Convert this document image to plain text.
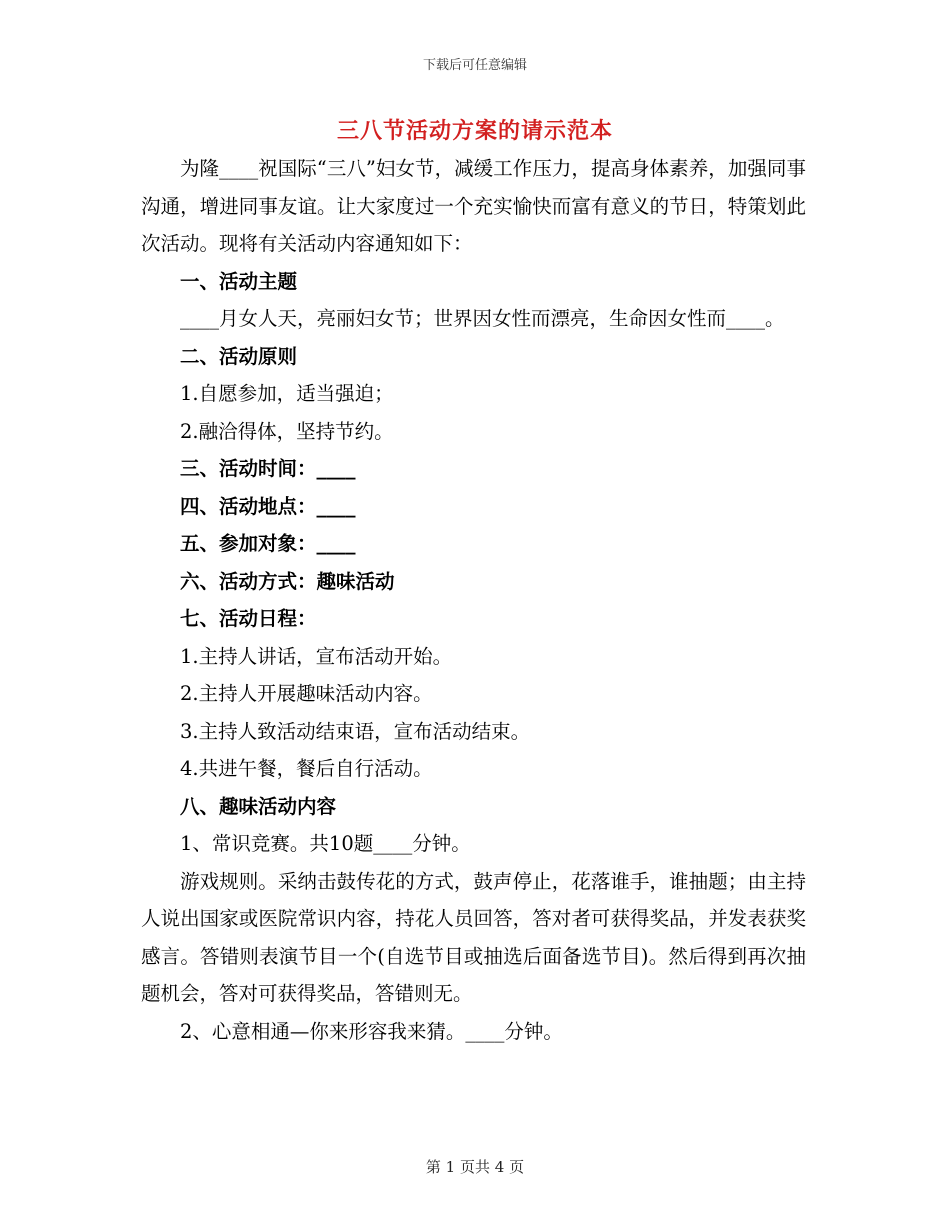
下载后可任意编辑
三八节活动方案的请示范本

为隆____祝国际“三八”妇女节，减缓工作压力，提高身体素养，加强同事沟通，增进同事友谊。让大家度过一个充实愉快而富有意义的节日，特策划此次活动。现将有关活动内容通知如下：

一、活动主题

____月女人天，亮丽妇女节；世界因女性而漂亮，生命因女性而____。

二、活动原则

1.自愿参加，适当强迫；

2.融洽得体，坚持节约。

三、活动时间：____

四、活动地点：____

五、参加对象：____

六、活动方式：趣味活动

七、活动日程：

1.主持人讲话，宣布活动开始。

2.主持人开展趣味活动内容。

3.主持人致活动结束语，宣布活动结束。

4.共进午餐，餐后自行活动。

八、趣味活动内容

1、常识竞赛。共10题____分钟。

游戏规则。采纳击鼓传花的方式，鼓声停止，花落谁手，谁抽题；由主持人说出国家或医院常识内容，持花人员回答，答对者可获得奖品，并发表获奖感言。答错则表演节目一个(自选节目或抽选后面备选节目)。然后得到再次抽题机会，答对可获得奖品，答错则无。

2、心意相通—你来形容我来猜。____分钟。

第 1 页共 4 页
